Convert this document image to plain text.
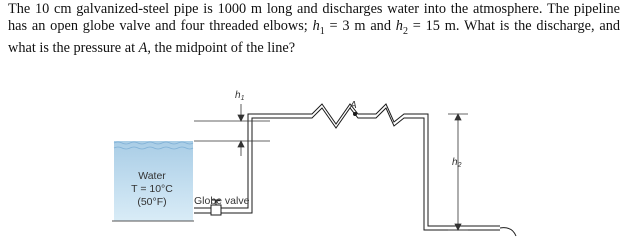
The 10 cm galvanized-steel pipe is 1000 m long and discharges water into the atmosphere. The pipeline has an open globe valve and four threaded elbows; $h_1 = 3$ m and $h_2 = 15$ m. What is the discharge, and what is the pressure at A, the midpoint of the line?
$h_1$
$h_2$
A
Water
T = 10°C
(50°F)	Globe valve
